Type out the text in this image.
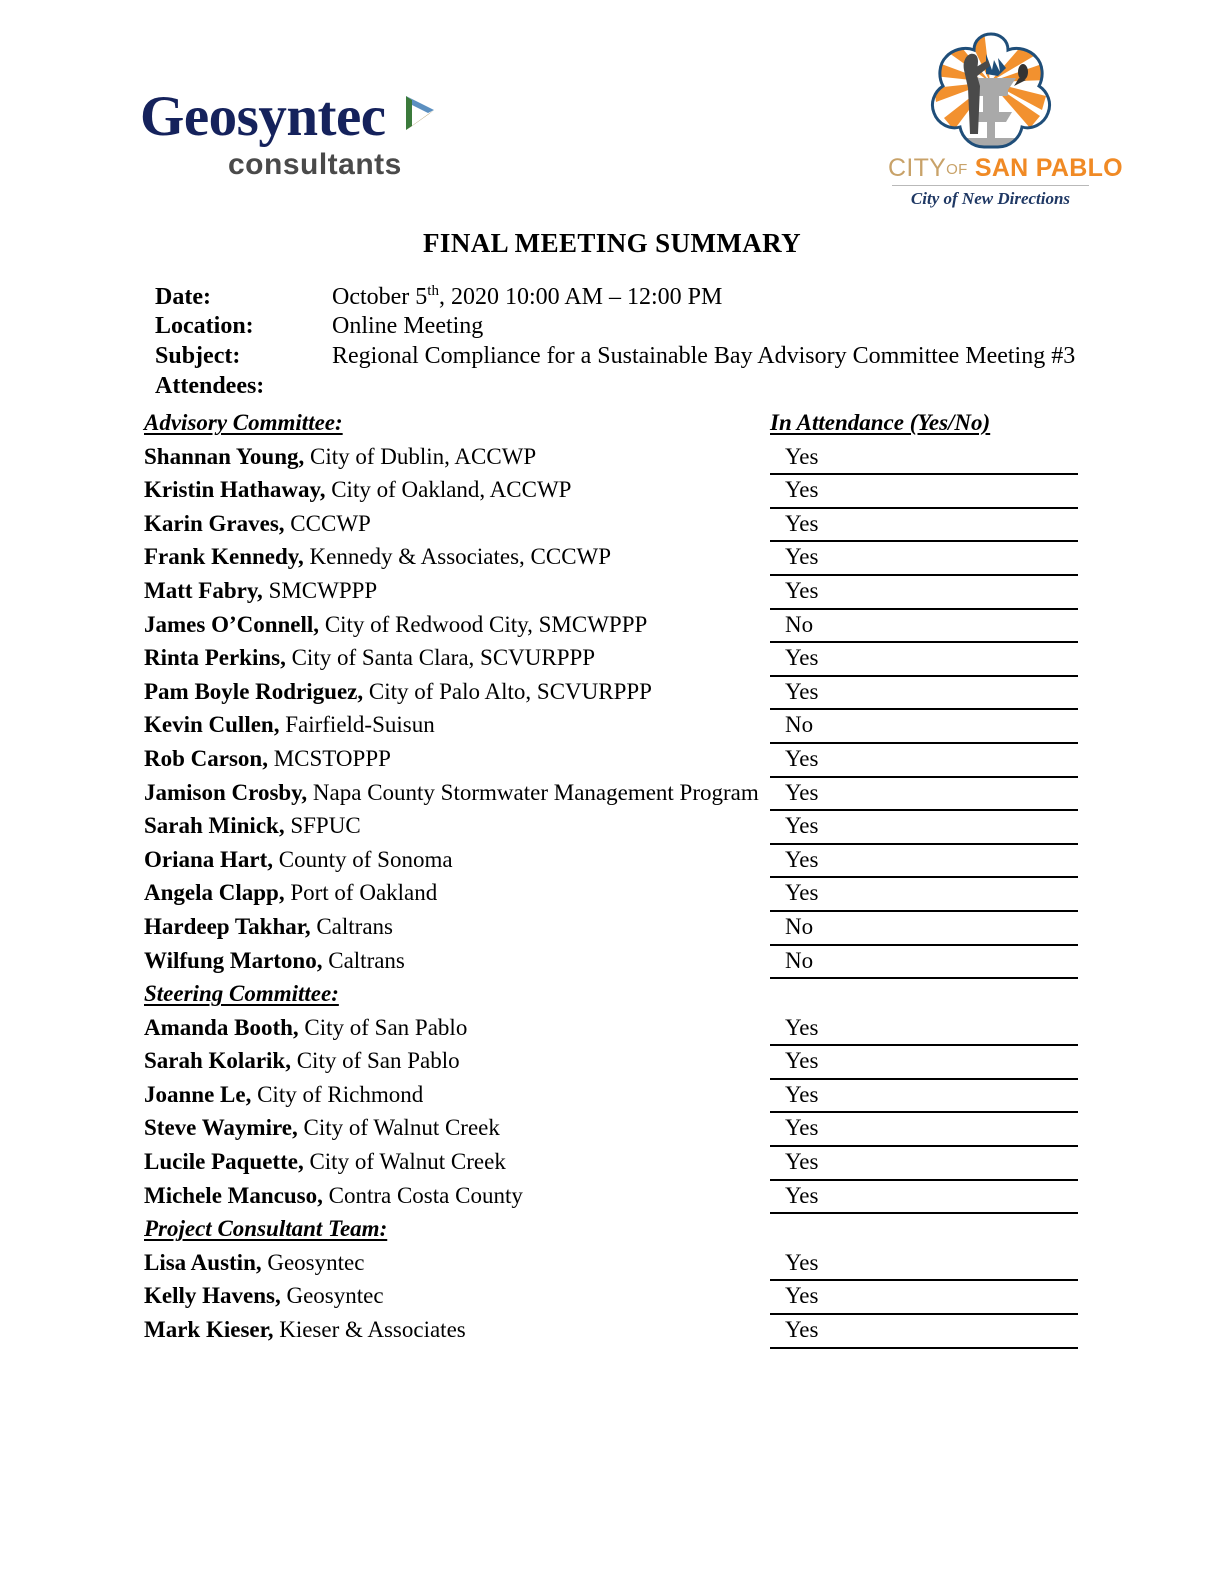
Geosyntec
consultants	CITYOF SAN PABLO
City of New Directions
FINAL MEETING SUMMARY
Date:	October 5th, 2020 10:00 AM – 12:00 PM
Location:	Online Meeting
Subject:	Regional Compliance for a Sustainable Bay Advisory Committee Meeting #3
Attendees:
Advisory Committee:	In Attendance (Yes/No)
Shannan Young, City of Dublin, ACCWP	Yes
Kristin Hathaway, City of Oakland, ACCWP	Yes
Karin Graves, CCCWP	Yes
Frank Kennedy, Kennedy & Associates, CCCWP	Yes
Matt Fabry, SMCWPPP	Yes
James O’Connell, City of Redwood City, SMCWPPP	No
Rinta Perkins, City of Santa Clara, SCVURPPP	Yes
Pam Boyle Rodriguez, City of Palo Alto, SCVURPPP	Yes
Kevin Cullen, Fairfield-Suisun	No
Rob Carson, MCSTOPPP	Yes
Jamison Crosby, Napa County Stormwater Management Program Yes
Sarah Minick, SFPUC	Yes
Oriana Hart, County of Sonoma	Yes
Angela Clapp, Port of Oakland	Yes
Hardeep Takhar, Caltrans	No
Wilfung Martono, Caltrans	No
Steering Committee:
Amanda Booth, City of San Pablo	Yes
Sarah Kolarik, City of San Pablo	Yes
Joanne Le, City of Richmond	Yes
Steve Waymire, City of Walnut Creek	Yes
Lucile Paquette, City of Walnut Creek	Yes
Michele Mancuso, Contra Costa County	Yes
Project Consultant Team:
Lisa Austin, Geosyntec	Yes
Kelly Havens, Geosyntec	Yes
Mark Kieser, Kieser & Associates	Yes
